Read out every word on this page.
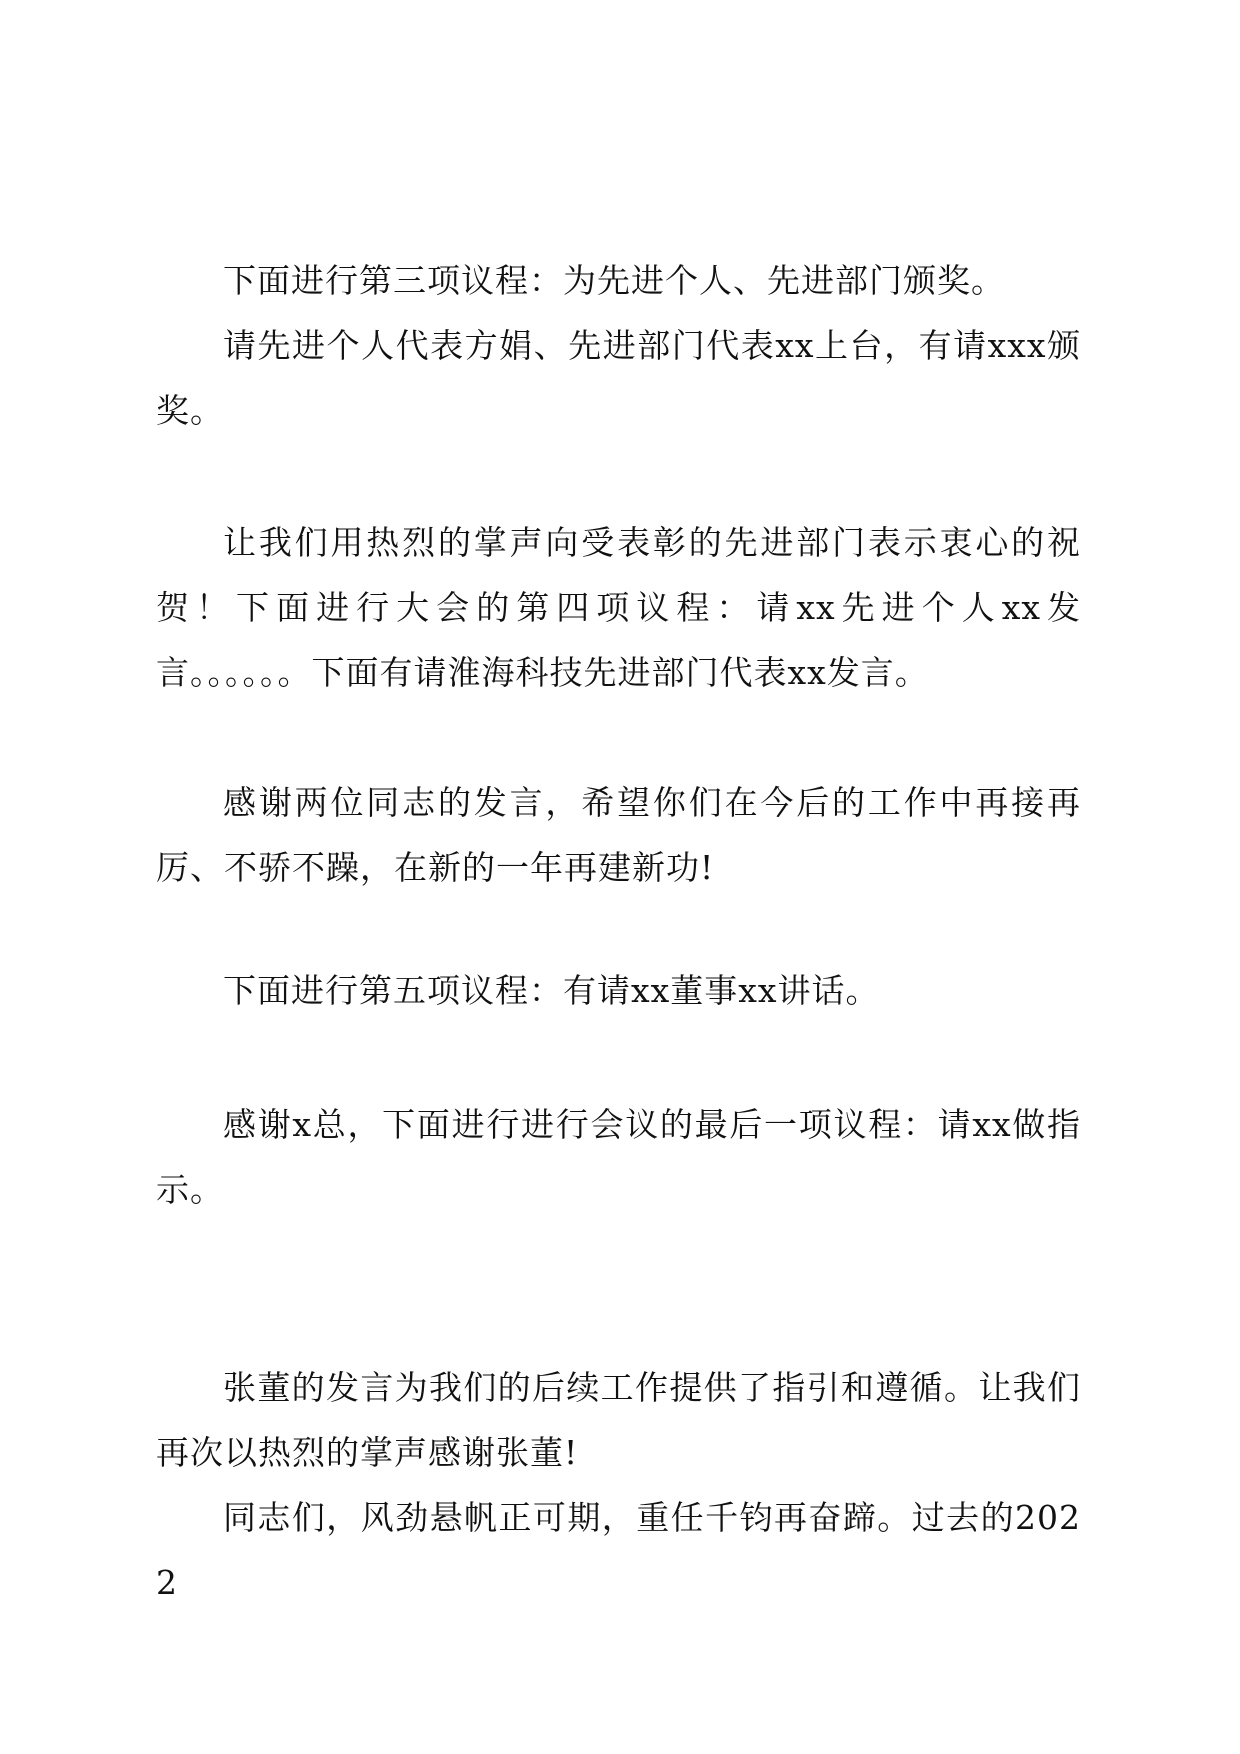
下面进行第三项议程：为先进个人、先进部门颁奖。

请先进个人代表方娟、先进部门代表xx上台，有请xxx颁奖。

让我们用热烈的掌声向受表彰的先进部门表示衷心的祝贺！下面进行大会的第四项议程：请xx先进个人xx发言。。。。。。下面有请淮海科技先进部门代表xx发言。

感谢两位同志的发言，希望你们在今后的工作中再接再厉、不骄不躁，在新的一年再建新功!

下面进行第五项议程：有请xx董事xx讲话。

感谢x总，下面进行进行会议的最后一项议程：请xx做指示。

张董的发言为我们的后续工作提供了指引和遵循。让我们再次以热烈的掌声感谢张董!

同志们，风劲悬帆正可期，重任千钧再奋蹄。过去的2022
